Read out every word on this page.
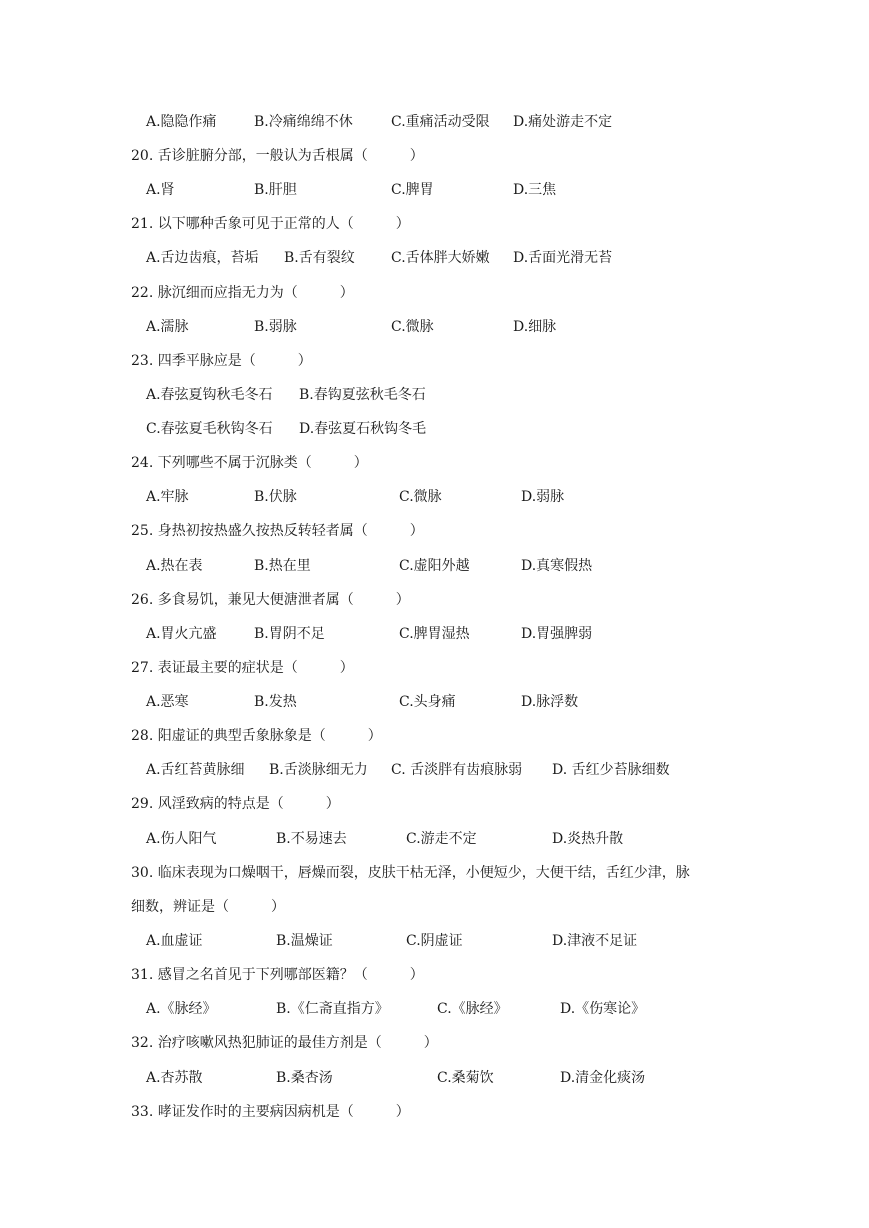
A.隐隐作痛	B.冷痛绵绵不休	C.重痛活动受限 D.痛处游走不定
20. 舌诊脏腑分部，一般认为舌根属（　　　）
A.肾	B.肝胆	C.脾胃	D.三焦
21. 以下哪种舌象可见于正常的人（　　　）
A.舌边齿痕，苔垢 B.舌有裂纹	C.舌体胖大娇嫩 D.舌面光滑无苔
22. 脉沉细而应指无力为（　　　）
A.濡脉	B.弱脉	C.微脉	D.细脉
23. 四季平脉应是（　　　）
A.春弦夏钩秋毛冬石 B.春钩夏弦秋毛冬石
C.春弦夏毛秋钩冬石 D.春弦夏石秋钩冬毛
24. 下列哪些不属于沉脉类（　　　）
A.牢脉	B.伏脉	C.微脉	D.弱脉
25. 身热初按热盛久按热反转轻者属（　　　）
A.热在表	B.热在里	C.虚阳外越	D.真寒假热
26. 多食易饥，兼见大便溏泄者属（　　　）
A.胃火亢盛	B.胃阴不足	C.脾胃湿热	D.胃强脾弱
27. 表证最主要的症状是（　　　）
A.恶寒	B.发热	C.头身痛	D.脉浮数
28. 阳虚证的典型舌象脉象是（　　　）
A.舌红苔黄脉细 B.舌淡脉细无力 C. 舌淡胖有齿痕脉弱 D. 舌红少苔脉细数
29. 风淫致病的特点是（　　　）
A.伤人阳气	B.不易速去	C.游走不定	D.炎热升散
30. 临床表现为口燥咽干，唇燥而裂，皮肤干枯无泽，小便短少，大便干结，舌红少津，脉
细数，辨证是（　　　）
A.血虚证	B.温燥证	C.阴虚证	D.津液不足证
31. 感冒之名首见于下列哪部医籍？（　　　）
A.《脉经》	B.《仁斋直指方》	C.《脉经》	D.《伤寒论》
32. 治疗咳嗽风热犯肺证的最佳方剂是（　　　）
A.杏苏散	B.桑杏汤	C.桑菊饮	D.清金化痰汤
33. 哮证发作时的主要病因病机是（　　　）
